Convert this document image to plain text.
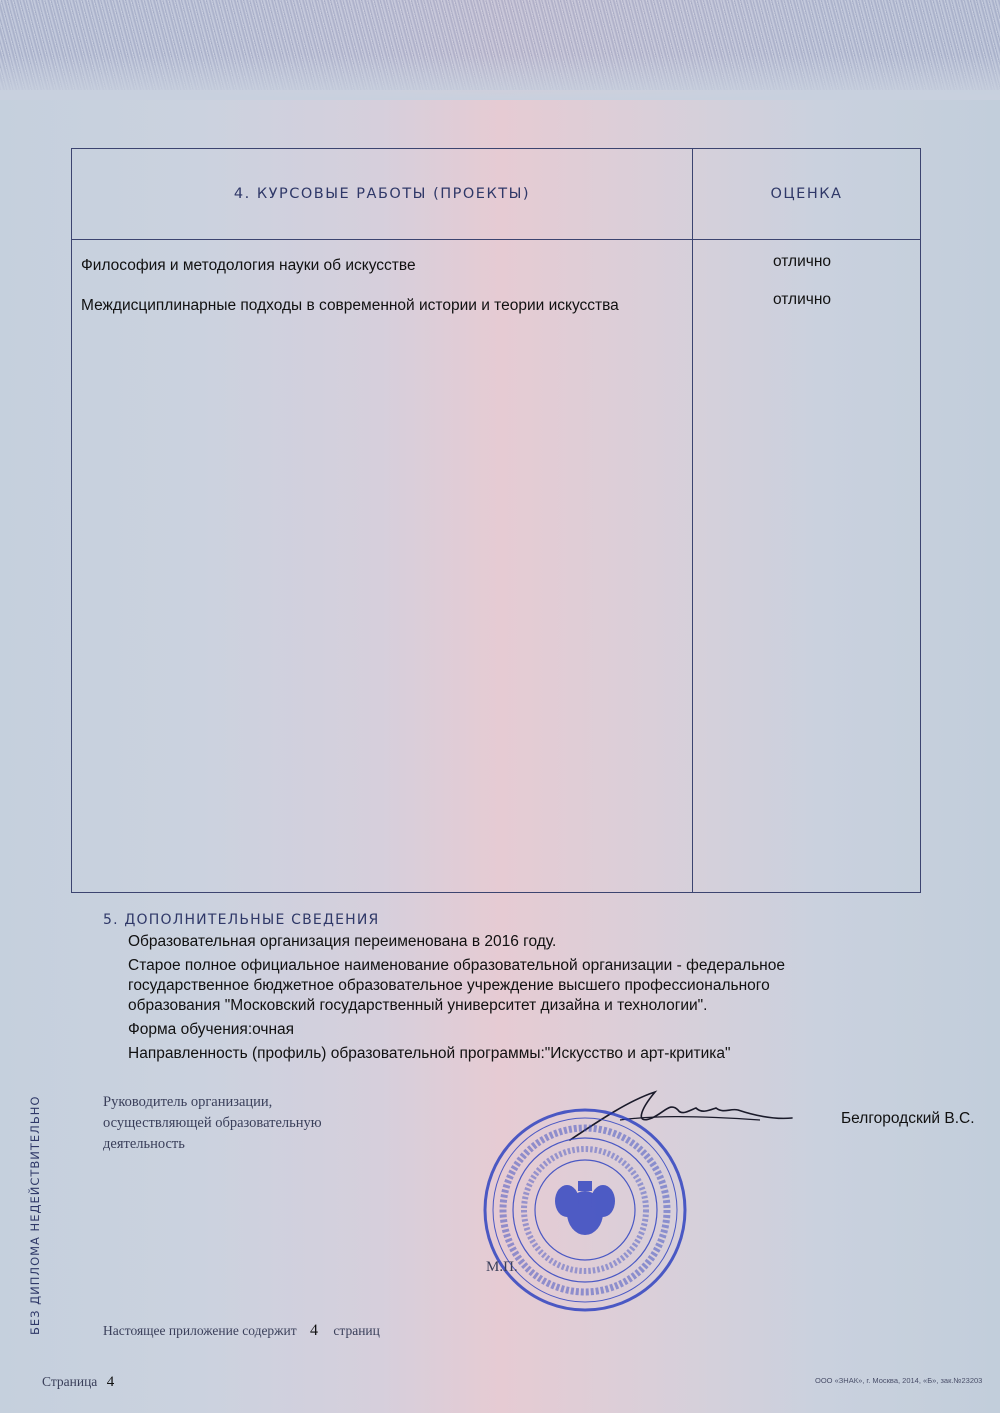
4. КУРСОВЫЕ РАБОТЫ (ПРОЕКТЫ)	ОЦЕНКА
Философия и методология науки об искусстве	отлично
Междисциплинарные подходы в современной истории и теории искусства	отлично
5. ДОПОЛНИТЕЛЬНЫЕ СВЕДЕНИЯ
Образовательная организация переименована в 2016 году.
Старое полное официальное наименование образовательной организации - федеральное государственное бюджетное образовательное учреждение высшего профессионального образования "Московский государственный университет дизайна и технологии".
Форма обучения:очная
Направленность (профиль) образовательной программы:"Искусство и арт-критика"
Руководитель организации, осуществляющей образовательную деятельность
Белгородский В.С.
М.П.
БЕЗ ДИПЛОМА НЕДЕЙСТВИТЕЛЬНО	Настоящее приложение содержит 4 страниц
Страница 4	ООО «ЗНАК», г. Москва, 2014, «Б», зак.№23203
